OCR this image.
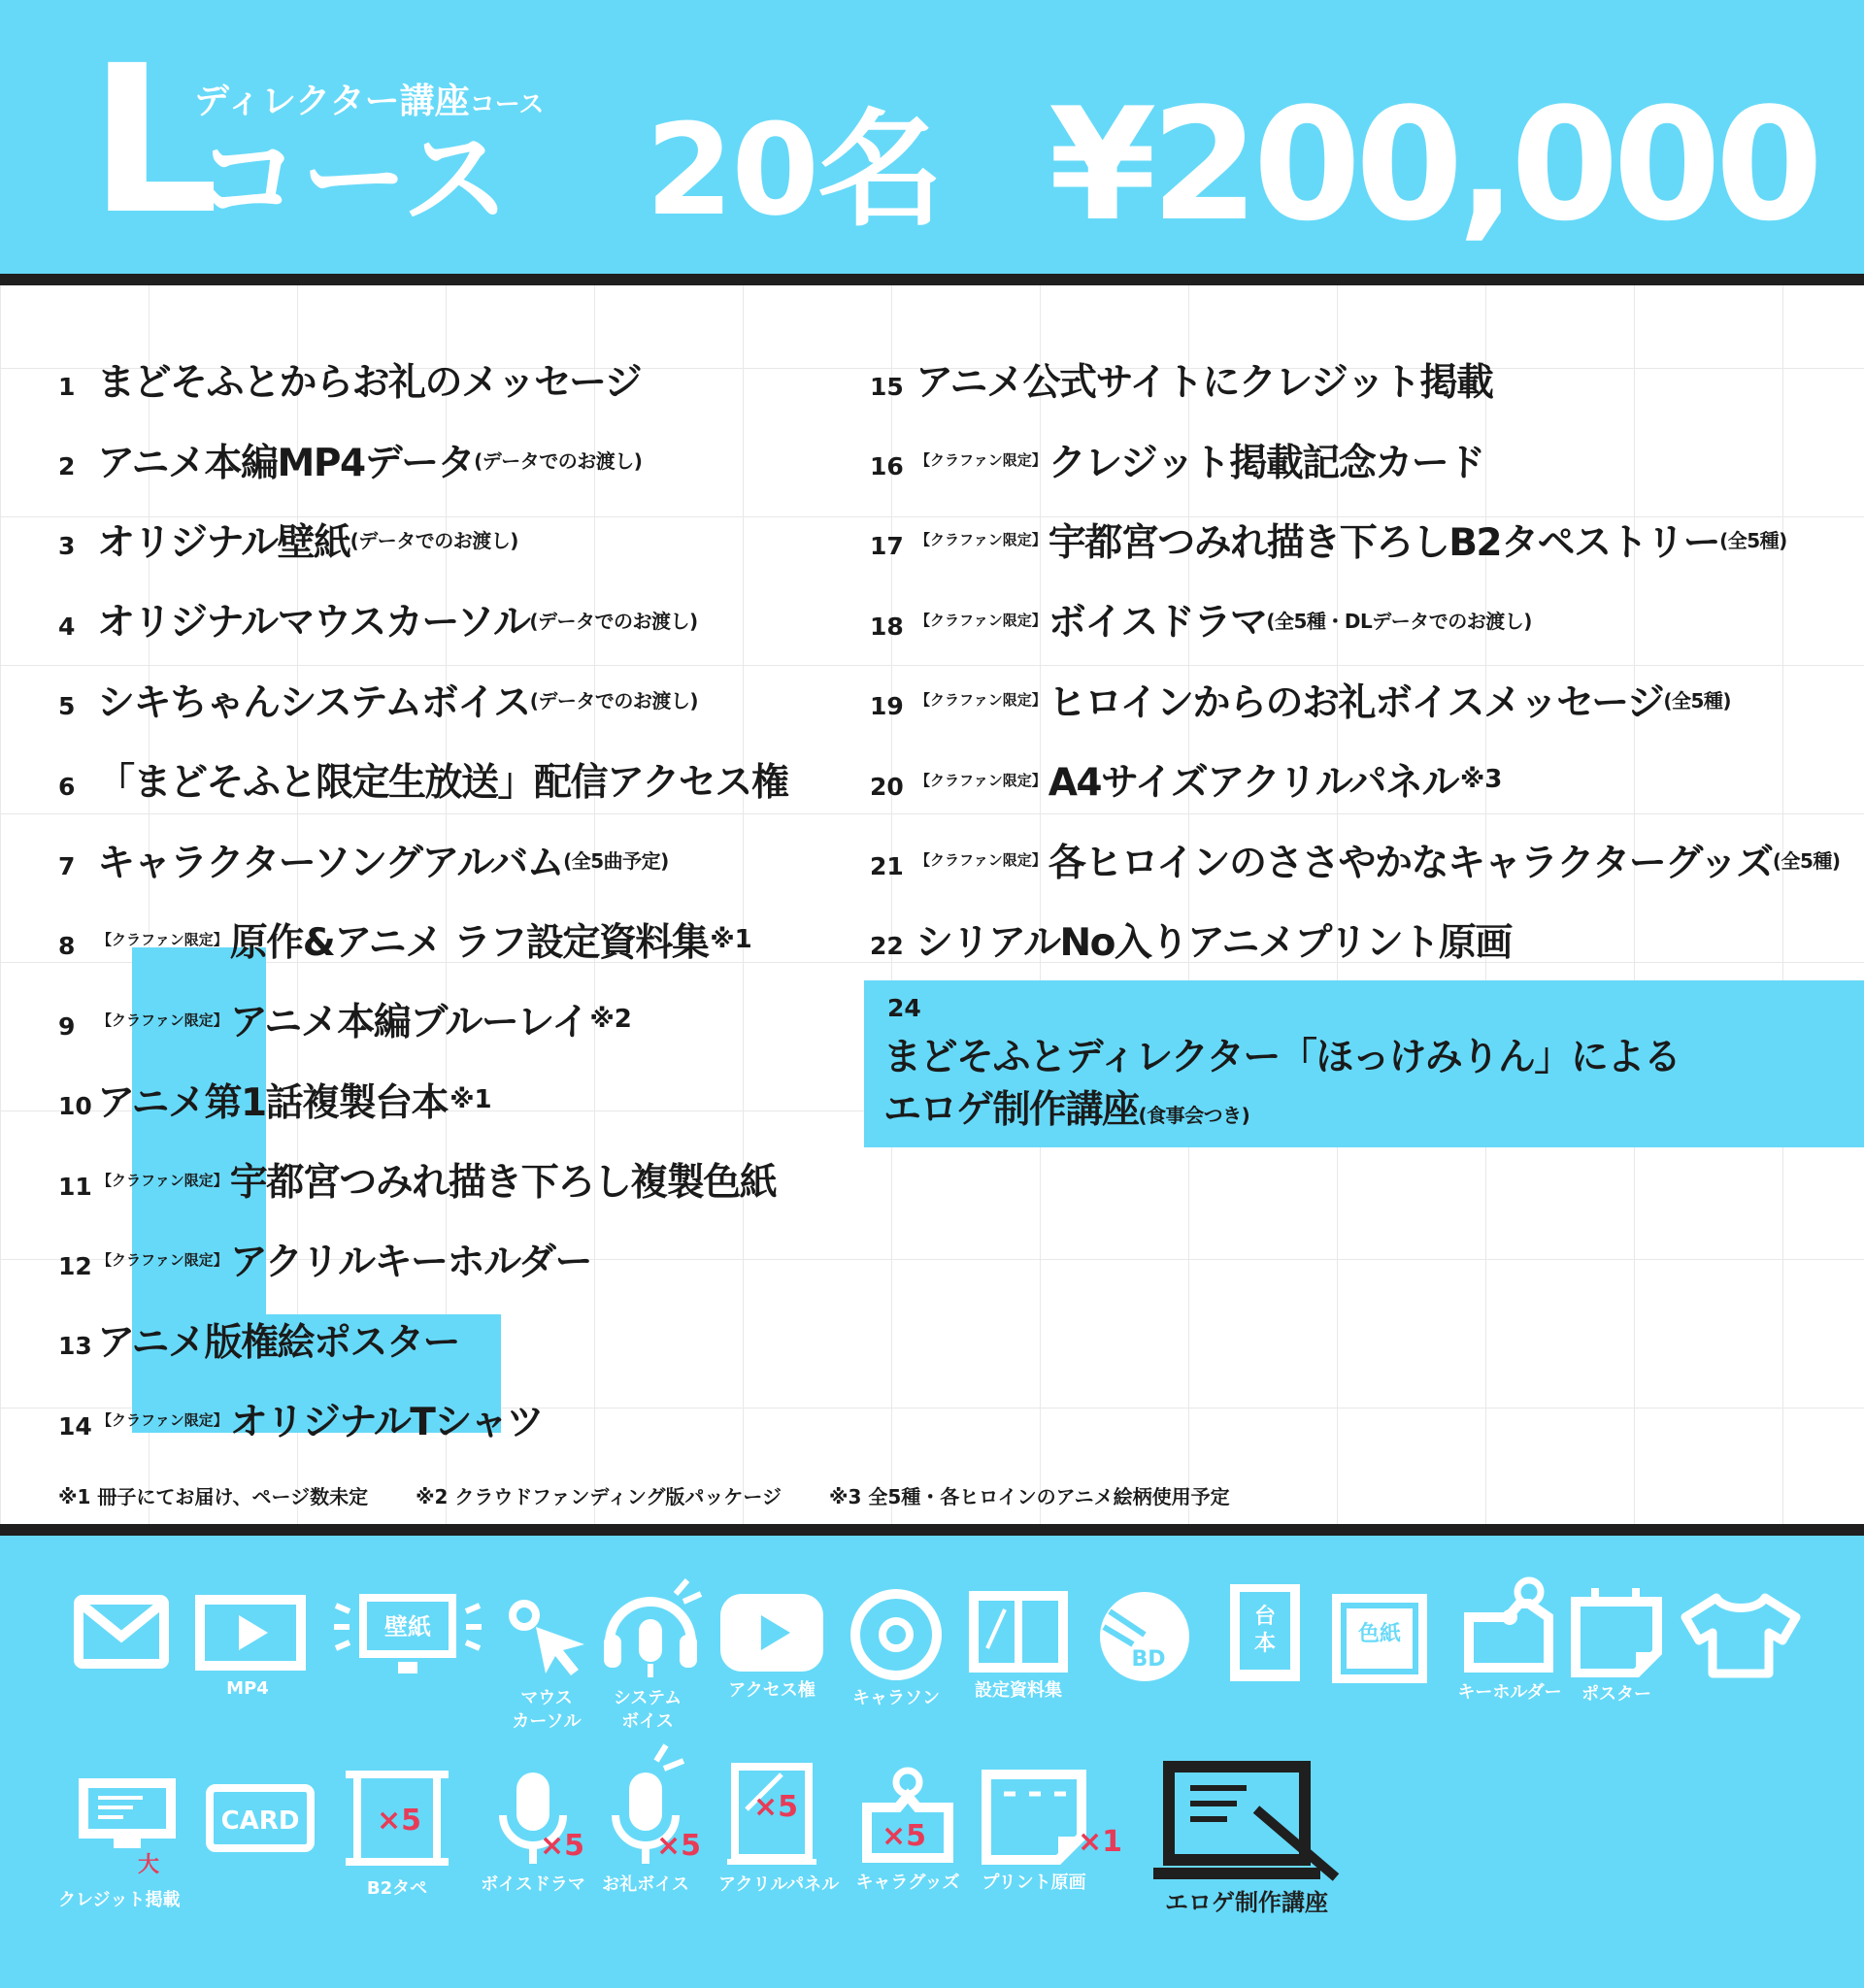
L
ディレクター講座コース
コース 20名 ¥200,000
1 まどそふとからお礼のメッセージ
2 アニメ本編MP4データ (データでのお渡し)
3 オリジナル壁紙 (データでのお渡し)
4 オリジナルマウスカーソル (データでのお渡し)
5 シキちゃんシステムボイス (データでのお渡し)
6 「まどそふと限定生放送」配信アクセス権
7 キャラクターソングアルバム (全5曲予定)
8	【クラファン限定】 原作&アニメ ラフ設定資料集 ※1
9	【クラファン限定】 アニメ本編ブルーレイ ※2
10 アニメ第1話複製台本 ※1
11 【クラファン限定】 宇都宮つみれ描き下ろし複製色紙
12 【クラファン限定】 アクリルキーホルダー
13 アニメ版権絵ポスター
14 【クラファン限定】 オリジナルTシャツ
15 アニメ公式サイトにクレジット掲載
16 【クラファン限定】 クレジット掲載記念カード
17 【クラファン限定】 宇都宮つみれ描き下ろしB2タペストリー (全5種)
18 【クラファン限定】 ボイスドラマ (全5種・DLデータでのお渡し)
19 【クラファン限定】 ヒロインからのお礼ボイスメッセージ (全5種)
20 【クラファン限定】 A4サイズアクリルパネル ※3
21 【クラファン限定】 各ヒロインのささやかなキャラクターグッズ (全5種)
22 シリアルNo入りアニメプリント原画
24
まどそふとディレクター「ほっけみりん」による
エロゲ制作講座(食事会つき)
※1 冊子にてお届け、ページ数未定 ※2 クラウドファンディング版パッケージ ※3 全5種・各ヒロインのアニメ絵柄使用予定
MP4
壁紙
マウス
カーソル
システム
ボイス
アクセス権	キャラソン	設定資料集
BD
台
本	色紙
キーホルダー	ポスター
大
クレジット掲載
CARD	×5
B2タペ
×5
ボイスドラマ
×5
お礼ボイス
×5
アクリルパネル
×5
キャラグッズ
×1
プリント原画
エロゲ制作講座
